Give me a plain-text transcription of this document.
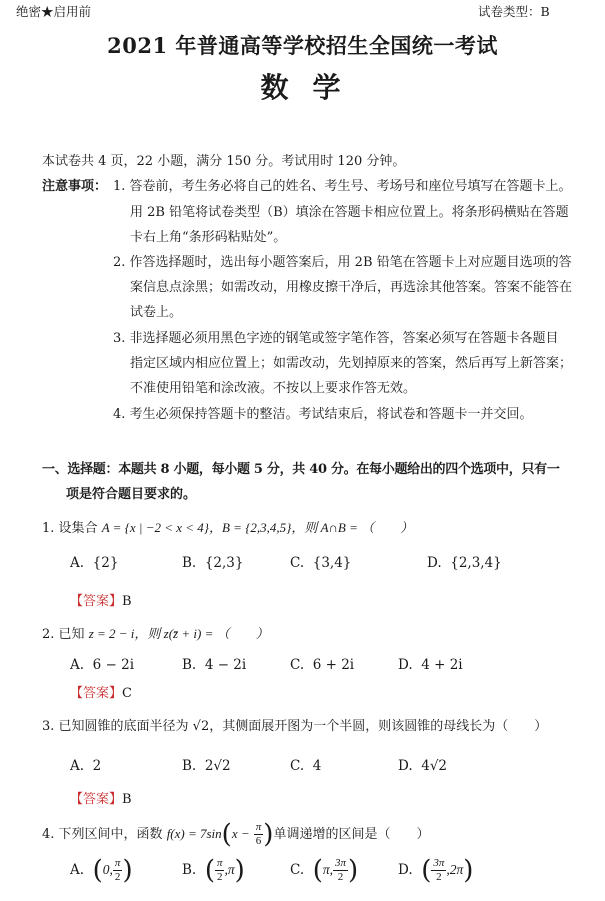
绝密★启用前	试卷类型：B
2021 年普通高等学校招生全国统一考试
数学
本试卷共 4 页，22 小题，满分 150 分。考试用时 120 分钟。
注意事项： 1. 答卷前，考生务必将自己的姓名、考生号、考场号和座位号填写在答题卡上。
用 2B 铅笔将试卷类型（B）填涂在答题卡相应位置上。将条形码横贴在答题
卡右上角“条形码粘贴处”。
2. 作答选择题时，选出每小题答案后，用 2B 铅笔在答题卡上对应题目选项的答
案信息点涂黑；如需改动，用橡皮擦干净后，再选涂其他答案。答案不能答在
试卷上。
3. 非选择题必须用黑色字迹的钢笔或签字笔作答，答案必须写在答题卡各题目
指定区域内相应位置上；如需改动，先划掉原来的答案，然后再写上新答案；
不准使用铅笔和涂改液。不按以上要求作答无效。
4. 考生必须保持答题卡的整洁。考试结束后，将试卷和答题卡一并交回。
一、选择题：本题共 8 小题，每小题 5 分，共 40 分。在每小题给出的四个选项中，只有一
项是符合题目要求的。
1. 设集合 A = {x | −2 < x < 4}，B = {2,3,4,5}，则 A∩B = （　　）
A. {2}	B. {2,3}	C. {3,4}	D. {2,3,4}
【答案】B
2. 已知 z = 2 − i，则 z(z̄ + i) = （　　）
A. 6 − 2i	B. 4 − 2i	C. 6 + 2i	D. 4 + 2i
【答案】C
3. 已知圆锥的底面半径为 √2，其侧面展开图为一个半圆，则该圆锥的母线长为（　　）
A. 2	B. 2√2	C. 4	D. 4√2
【答案】B
4. 下列区间中，函数 $f(x) = 7\sin(x - \frac{\pi}{6}$ )单调递增的区间是（　　）
A. (0, $\frac{\pi}{2}$ )	B. ( $\frac{\pi}{2} ,\pi$)	C. (π, $\frac{3\pi}{2}$ )	D. ( $\frac{3\pi}{2} ,2\pi$)
